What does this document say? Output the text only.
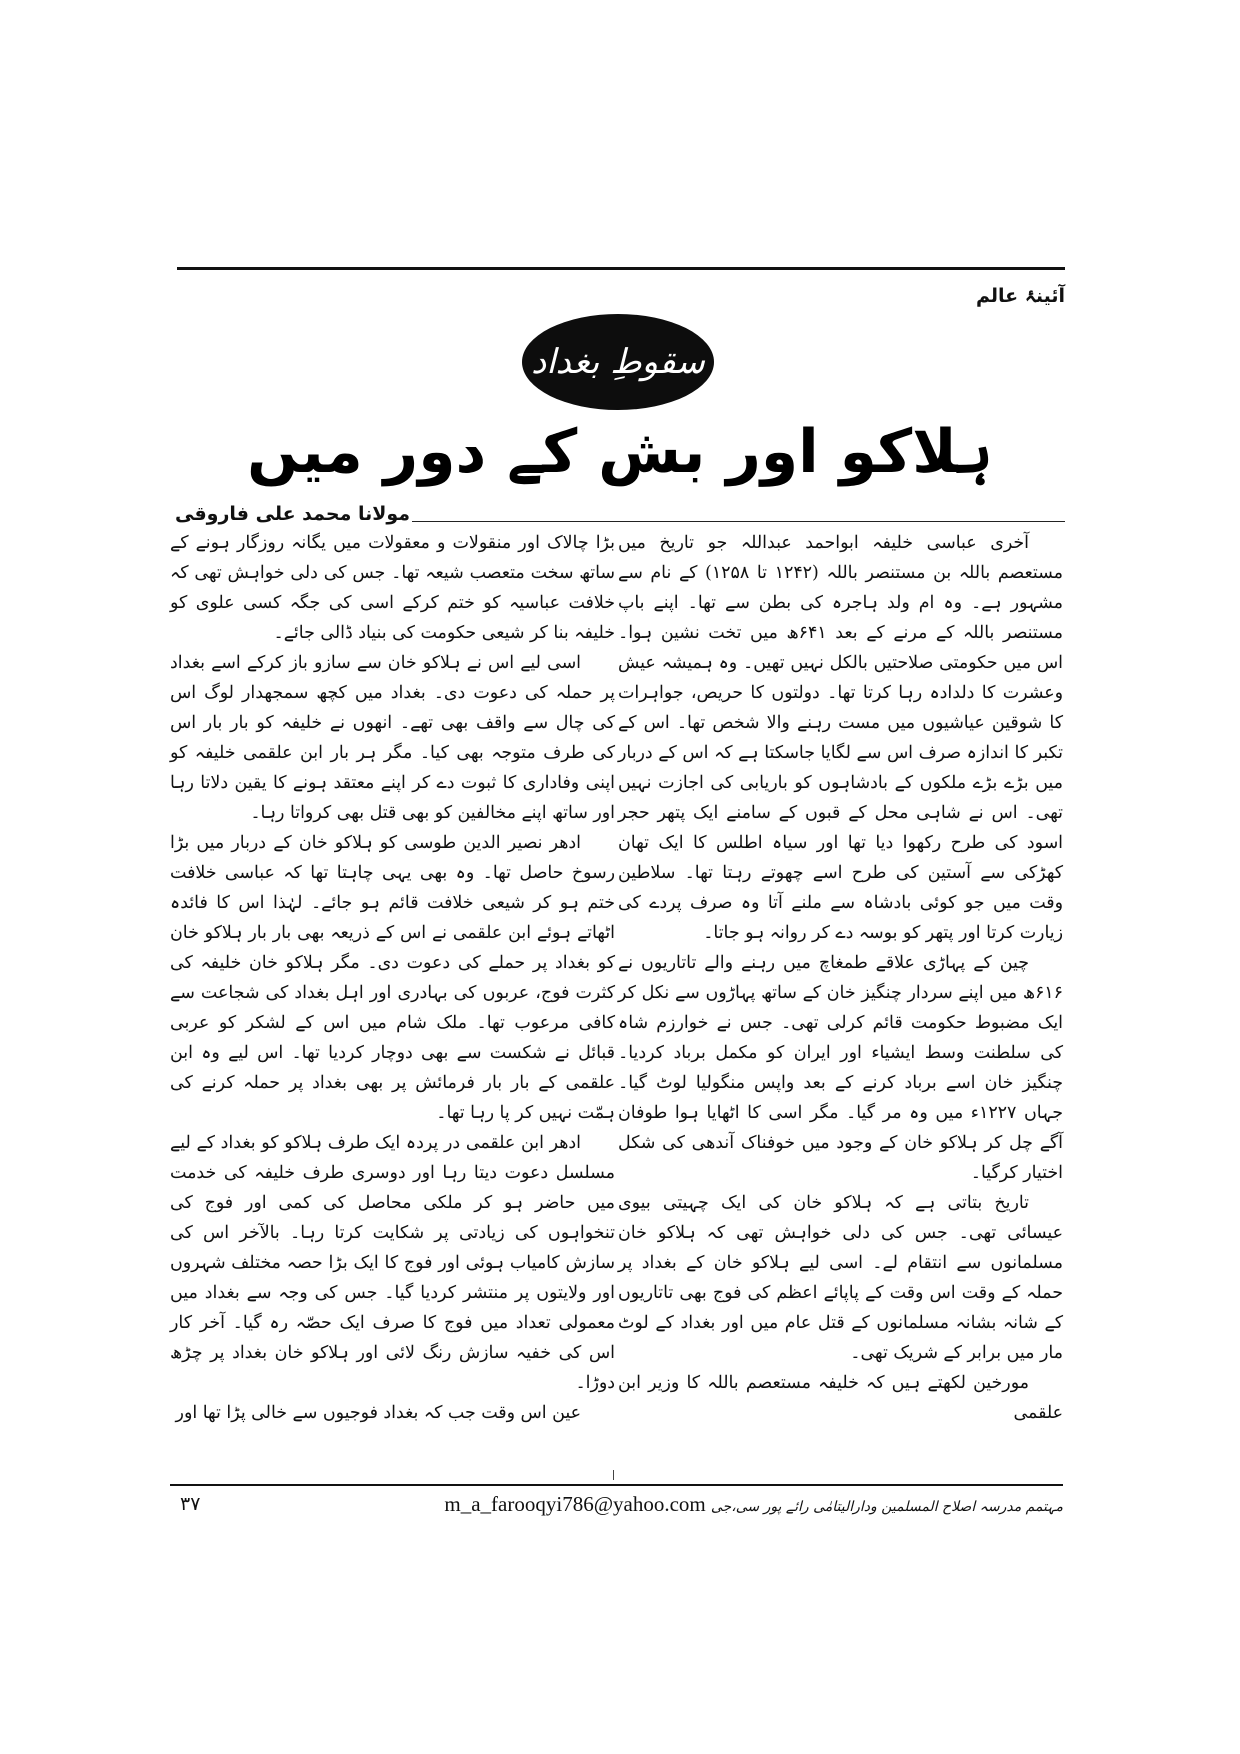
آئینۂ عالم
سقوطِ بغداد
ہلاکو اور بش کے دور میں
مولانا محمد علی فاروقی

آخری عباسی خلیفہ ابواحمد عبداللہ جو تاریخ میں مستعصم باللہ بن مستنصر باللہ (۱۲۴۲ تا ۱۲۵۸) کے نام سے مشہور ہے۔ وہ ام ولد ہاجرہ کی بطن سے تھا۔ اپنے باپ مستنصر باللہ کے مرنے کے بعد ۶۴۱ھ میں تخت نشین ہوا۔ اس میں حکومتی صلاحتیں بالکل نہیں تھیں۔ وہ ہمیشہ عیش وعشرت کا دلدادہ رہا کرتا تھا۔ دولتوں کا حریص، جواہرات کا شوقین عیاشیوں میں مست رہنے والا شخص تھا۔ اس کے تکبر کا اندازہ صرف اس سے لگایا جاسکتا ہے کہ اس کے دربار میں بڑے بڑے ملکوں کے بادشاہوں کو باریابی کی اجازت نہیں تھی۔ اس نے شاہی محل کے قبوں کے سامنے ایک پتھر حجر اسود کی طرح رکھوا دیا تھا اور سیاہ اطلس کا ایک تھان کھڑکی سے آستین کی طرح اسے چھوتے رہتا تھا۔ سلاطین وقت میں جو کوئی بادشاہ سے ملنے آتا وہ صرف پردے کی زیارت کرتا اور پتھر کو بوسہ دے کر روانہ ہو جاتا۔

چین کے پہاڑی علاقے طمغاچ میں رہنے والے تاتاریوں نے ۶۱۶ھ میں اپنے سردار چنگیز خان کے ساتھ پہاڑوں سے نکل کر ایک مضبوط حکومت قائم کرلی تھی۔ جس نے خوارزم شاہ کی سلطنت وسط ایشیاء اور ایران کو مکمل برباد کردیا۔ چنگیز خان اسے برباد کرنے کے بعد واپس منگولیا لوٹ گیا۔ جہاں ۱۲۲۷ء میں وہ مر گیا۔ مگر اسی کا اٹھایا ہوا طوفان آگے چل کر ہلاکو خان کے وجود میں خوفناک آندھی کی شکل اختیار کرگیا۔

تاریخ بتاتی ہے کہ ہلاکو خان کی ایک چہیتی بیوی عیسائی تھی۔ جس کی دلی خواہش تھی کہ ہلاکو خان مسلمانوں سے انتقام لے۔ اسی لیے ہلاکو خان کے بغداد پر حملہ کے وقت اس وقت کے پاپائے اعظم کی فوج بھی تاتاریوں کے شانہ بشانہ مسلمانوں کے قتل عام میں اور بغداد کے لوٹ مار میں برابر کے شریک تھی۔

مورخین لکھتے ہیں کہ خلیفہ مستعصم باللہ کا وزیر ابن علقمی

بڑا چالاک اور منقولات و معقولات میں یگانہ روزگار ہونے کے ساتھ سخت متعصب شیعہ تھا۔ جس کی دلی خواہش تھی کہ خلافت عباسیہ کو ختم کرکے اسی کی جگہ کسی علوی کو خلیفہ بنا کر شیعی حکومت کی بنیاد ڈالی جائے۔

اسی لیے اس نے ہلاکو خان سے سازو باز کرکے اسے بغداد پر حملہ کی دعوت دی۔ بغداد میں کچھ سمجھدار لوگ اس کی چال سے واقف بھی تھے۔ انھوں نے خلیفہ کو بار بار اس کی طرف متوجہ بھی کیا۔ مگر ہر بار ابن علقمی خلیفہ کو اپنی وفاداری کا ثبوت دے کر اپنے معتقد ہونے کا یقین دلاتا رہا اور ساتھ اپنے مخالفین کو بھی قتل بھی کرواتا رہا۔

ادھر نصیر الدین طوسی کو ہلاکو خان کے دربار میں بڑا رسوخ حاصل تھا۔ وہ بھی یہی چاہتا تھا کہ عباسی خلافت ختم ہو کر شیعی خلافت قائم ہو جائے۔ لہٰذا اس کا فائدہ اٹھاتے ہوئے ابن علقمی نے اس کے ذریعہ بھی بار بار ہلاکو خان کو بغداد پر حملے کی دعوت دی۔ مگر ہلاکو خان خلیفہ کی کثرت فوج، عربوں کی بہادری اور اہل بغداد کی شجاعت سے کافی مرعوب تھا۔ ملک شام میں اس کے لشکر کو عربی قبائل نے شکست سے بھی دوچار کردیا تھا۔ اس لیے وہ ابن علقمی کے بار بار فرمائش پر بھی بغداد پر حملہ کرنے کی ہمّت نہیں کر پا رہا تھا۔

ادھر ابن علقمی در پردہ ایک طرف ہلاکو کو بغداد کے لیے مسلسل دعوت دیتا رہا اور دوسری طرف خلیفہ کی خدمت میں حاضر ہو کر ملکی محاصل کی کمی اور فوج کی تنخواہوں کی زیادتی پر شکایت کرتا رہا۔ بالآخر اس کی سازش کامیاب ہوئی اور فوج کا ایک بڑا حصہ مختلف شہروں اور ولایتوں پر منتشر کردیا گیا۔ جس کی وجہ سے بغداد میں معمولی تعداد میں فوج کا صرف ایک حصّہ رہ گیا۔ آخر کار اس کی خفیہ سازش رنگ لائی اور ہلاکو خان بغداد پر چڑھ دوڑا۔

عین اس وقت جب کہ بغداد فوجیوں سے خالی پڑا تھا اور

۳۷	مہتمم مدرسہ اصلاح المسلمین ودارالیتامٰی رائے پور سی،جی m_a_farooqyi786@yahoo.com
